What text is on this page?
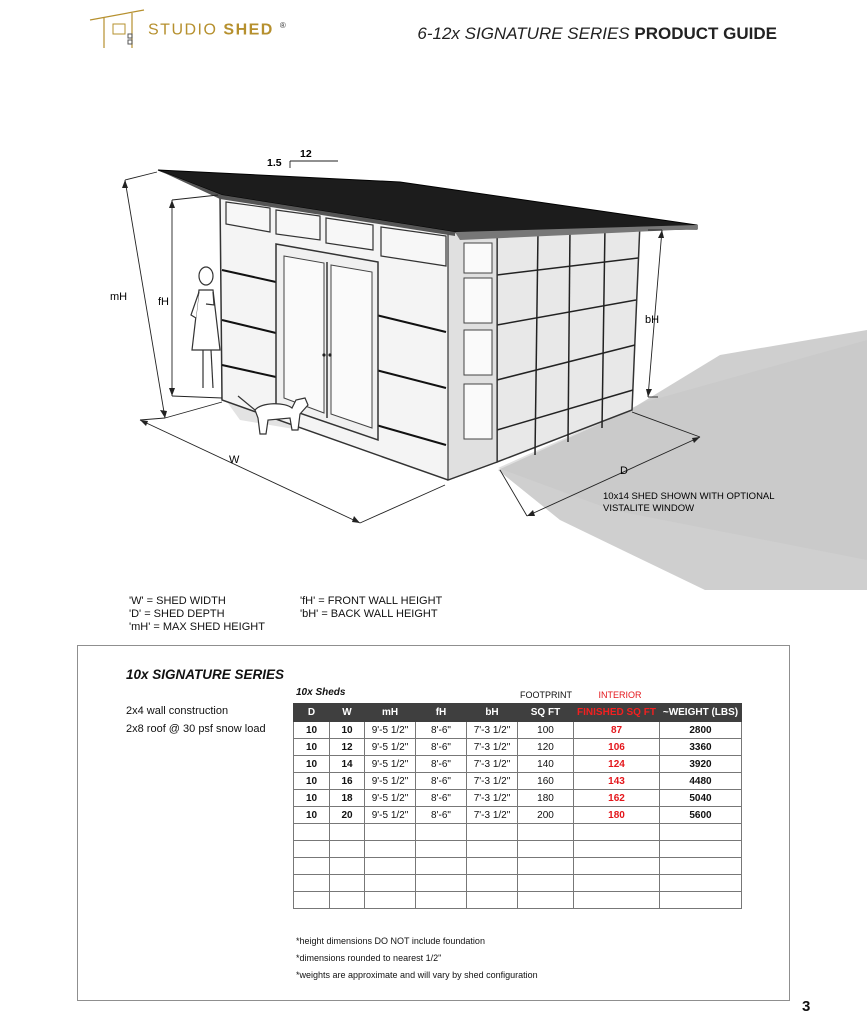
STUDIO SHED ®	6-12x SIGNATURE SERIES PRODUCT GUIDE
12
1.5
mH	fH
bH
W
D
10x14 SHED SHOWN WITH OPTIONAL
VISTALITE WINDOW
'W' = SHED WIDTH
'D' = SHED DEPTH
'mH' = MAX SHED HEIGHT
'fH' = FRONT WALL HEIGHT
'bH' = BACK WALL HEIGHT
10x SIGNATURE SERIES
2x4 wall construction
2x8 roof @ 30 psf snow load
10x Sheds	FOOTPRINT	INTERIOR
D	W	mH	fH	bH	SQ FT	FINISHED SQ FT	~WEIGHT (LBS)
10	10	9'-5 1/2"	8'-6"	7'-3 1/2"	100	87	2800
10	12	9'-5 1/2"	8'-6"	7'-3 1/2"	120	106	3360
10	14	9'-5 1/2"	8'-6"	7'-3 1/2"	140	124	3920
10	16	9'-5 1/2"	8'-6"	7'-3 1/2"	160	143	4480
10	18	9'-5 1/2"	8'-6"	7'-3 1/2"	180	162	5040
10	20	9'-5 1/2"	8'-6"	7'-3 1/2"	200	180	5600

*height dimensions DO NOT include foundation
*dimensions rounded to nearest 1/2"
*weights are approximate and will vary by shed configuration
3
